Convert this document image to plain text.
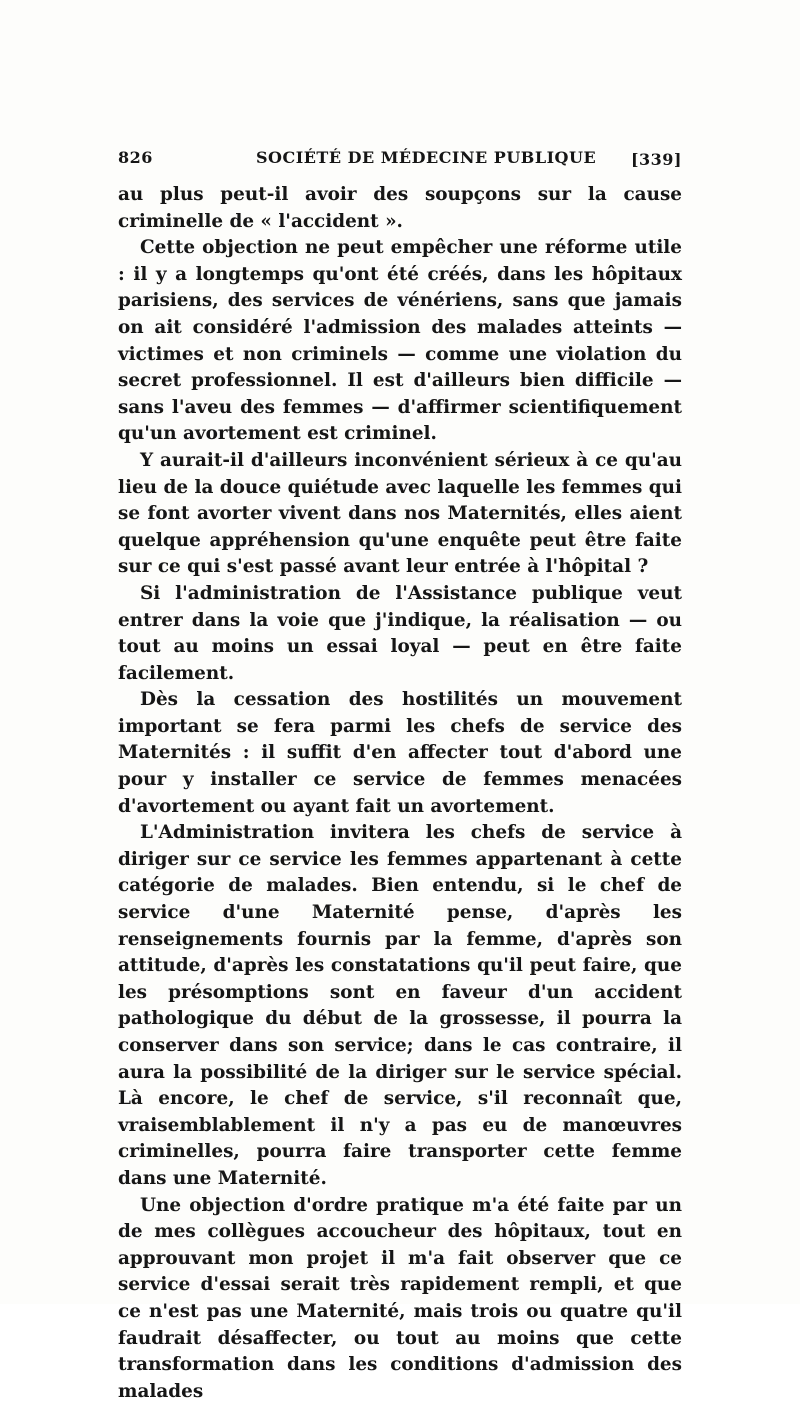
826	SOCIÉTÉ DE MÉDECINE PUBLIQUE [339]

au plus peut-il avoir des soupçons sur la cause criminelle de « l'accident ».

Cette objection ne peut empêcher une réforme utile : il y a longtemps qu'ont été créés, dans les hôpitaux parisiens, des services de vénériens, sans que jamais on ait considéré l'admission des malades atteints — victimes et non criminels — comme une violation du secret professionnel. Il est d'ailleurs bien difficile — sans l'aveu des femmes — d'affirmer scientifiquement qu'un avortement est criminel.

Y aurait-il d'ailleurs inconvénient sérieux à ce qu'au lieu de la douce quiétude avec laquelle les femmes qui se font avorter vivent dans nos Maternités, elles aient quelque appréhension qu'une enquête peut être faite sur ce qui s'est passé avant leur entrée à l'hôpital ?

Si l'administration de l'Assistance publique veut entrer dans la voie que j'indique, la réalisation — ou tout au moins un essai loyal — peut en être faite facilement.

Dès la cessation des hostilités un mouvement important se fera parmi les chefs de service des Maternités : il suffit d'en affecter tout d'abord une pour y installer ce service de femmes menacées d'avortement ou ayant fait un avortement.

L'Administration invitera les chefs de service à diriger sur ce service les femmes appartenant à cette catégorie de malades. Bien entendu, si le chef de service d'une Maternité pense, d'après les renseignements fournis par la femme, d'après son attitude, d'après les constatations qu'il peut faire, que les présomptions sont en faveur d'un accident pathologique du début de la grossesse, il pourra la conserver dans son service; dans le cas contraire, il aura la possibilité de la diriger sur le service spécial. Là encore, le chef de service, s'il reconnaît que, vraisemblablement il n'y a pas eu de manœuvres criminelles, pourra faire transporter cette femme dans une Maternité.

Une objection d'ordre pratique m'a été faite par un de mes collègues accoucheur des hôpitaux, tout en approuvant mon projet il m'a fait observer que ce service d'essai serait très rapidement rempli, et que ce n'est pas une Maternité, mais trois ou quatre qu'il faudrait désaffecter, ou tout au moins que cette transformation dans les conditions d'admission des malades
